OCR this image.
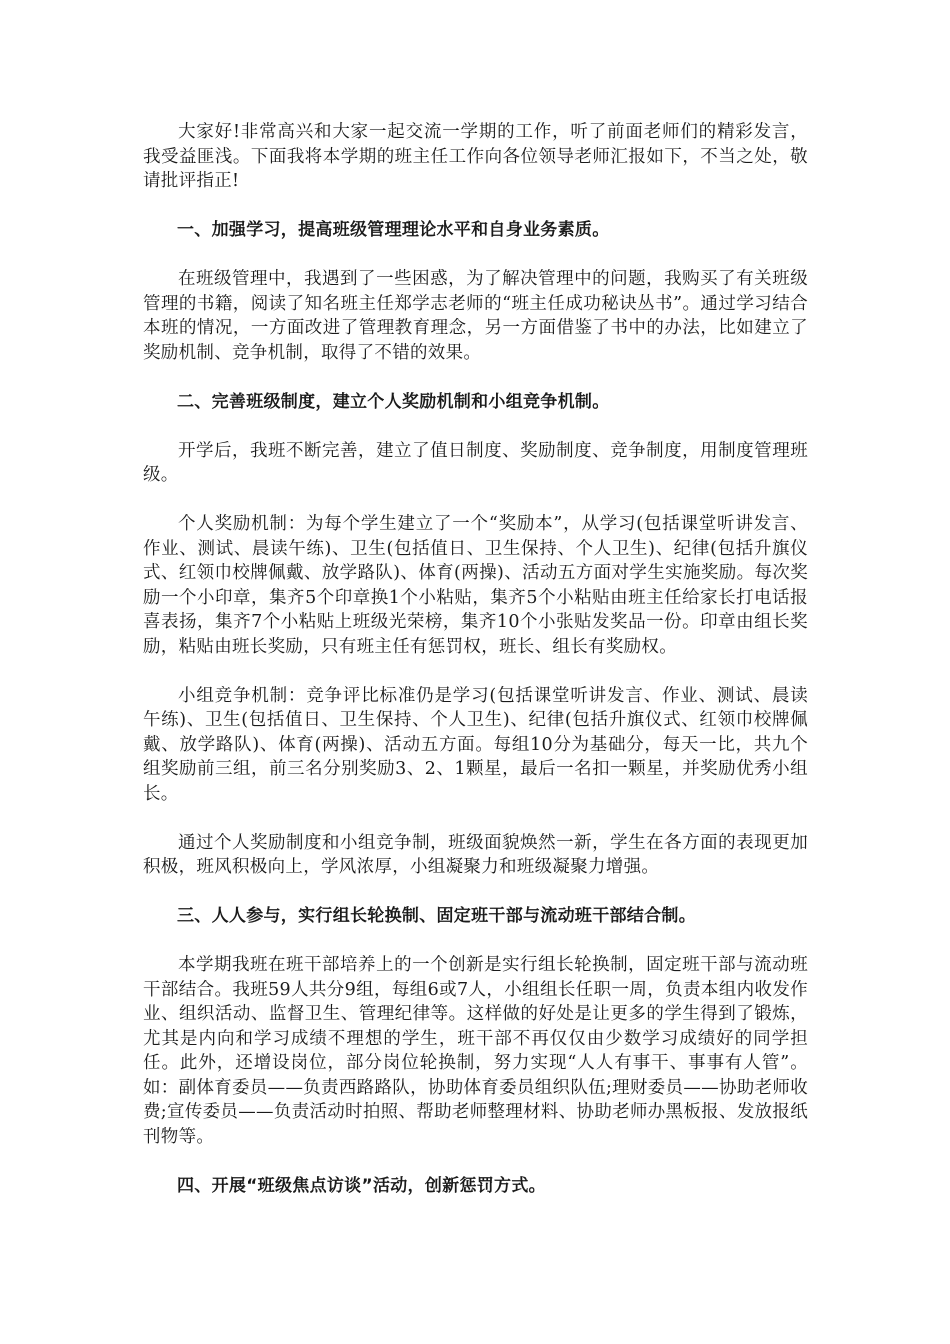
大家好!非常高兴和大家一起交流一学期的工作，听了前面老师们的精彩发言，我受益匪浅。下面我将本学期的班主任工作向各位领导老师汇报如下，不当之处，敬请批评指正!

一、加强学习，提高班级管理理论水平和自身业务素质。

在班级管理中，我遇到了一些困惑，为了解决管理中的问题，我购买了有关班级管理的书籍，阅读了知名班主任郑学志老师的“班主任成功秘诀丛书”。通过学习结合本班的情况，一方面改进了管理教育理念，另一方面借鉴了书中的办法，比如建立了奖励机制、竞争机制，取得了不错的效果。

二、完善班级制度，建立个人奖励机制和小组竞争机制。

开学后，我班不断完善，建立了值日制度、奖励制度、竞争制度，用制度管理班级。

个人奖励机制：为每个学生建立了一个“奖励本”，从学习(包括课堂听讲发言、作业、测试、晨读午练)、卫生(包括值日、卫生保持、个人卫生)、纪律(包括升旗仪式、红领巾校牌佩戴、放学路队)、体育(两操)、活动五方面对学生实施奖励。每次奖励一个小印章，集齐5个印章换1个小粘贴，集齐5个小粘贴由班主任给家长打电话报喜表扬，集齐7个小粘贴上班级光荣榜，集齐10个小张贴发奖品一份。印章由组长奖励，粘贴由班长奖励，只有班主任有惩罚权，班长、组长有奖励权。

小组竞争机制：竞争评比标准仍是学习(包括课堂听讲发言、作业、测试、晨读午练)、卫生(包括值日、卫生保持、个人卫生)、纪律(包括升旗仪式、红领巾校牌佩戴、放学路队)、体育(两操)、活动五方面。每组10分为基础分，每天一比，共九个组奖励前三组，前三名分别奖励3、2、1颗星，最后一名扣一颗星，并奖励优秀小组长。

通过个人奖励制度和小组竞争制，班级面貌焕然一新，学生在各方面的表现更加积极，班风积极向上，学风浓厚，小组凝聚力和班级凝聚力增强。

三、人人参与，实行组长轮换制、固定班干部与流动班干部结合制。

本学期我班在班干部培养上的一个创新是实行组长轮换制，固定班干部与流动班干部结合。我班59人共分9组，每组6或7人，小组组长任职一周，负责本组内收发作业、组织活动、监督卫生、管理纪律等。这样做的好处是让更多的学生得到了锻炼，尤其是内向和学习成绩不理想的学生，班干部不再仅仅由少数学习成绩好的同学担任。此外，还增设岗位，部分岗位轮换制，努力实现“人人有事干、事事有人管”。如：副体育委员——负责西路路队，协助体育委员组织队伍;理财委员——协助老师收费;宣传委员——负责活动时拍照、帮助老师整理材料、协助老师办黑板报、发放报纸刊物等。

四、开展“班级焦点访谈”活动，创新惩罚方式。
